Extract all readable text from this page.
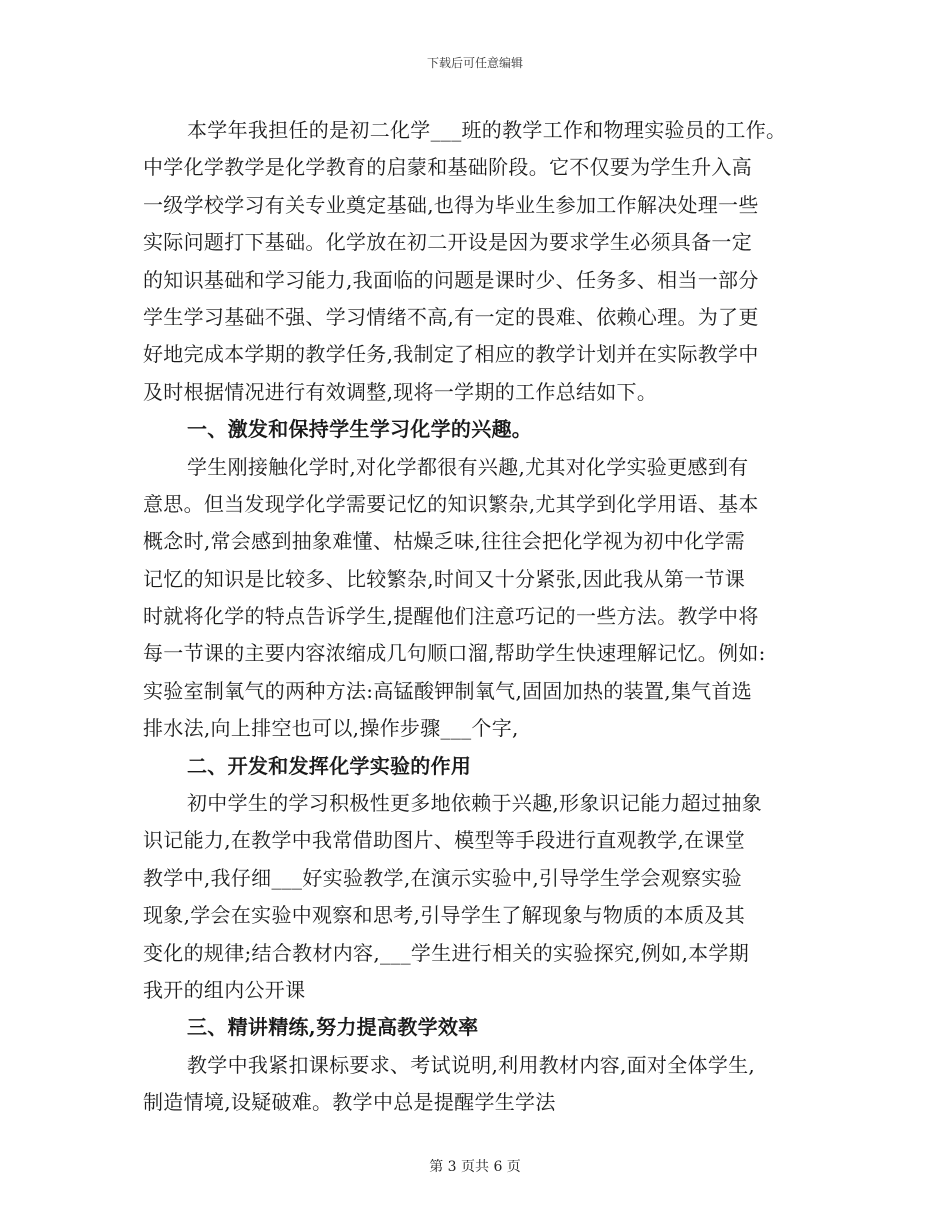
下载后可任意编辑
本学年我担任的是初二化学___班的教学工作和物理实验员的工作。
中学化学教学是化学教育的启蒙和基础阶段。它不仅要为学生升入高
一级学校学习有关专业奠定基础,也得为毕业生参加工作解决处理一些
实际问题打下基础。化学放在初二开设是因为要求学生必须具备一定
的知识基础和学习能力,我面临的问题是课时少、任务多、相当一部分
学生学习基础不强、学习情绪不高,有一定的畏难、依赖心理。为了更
好地完成本学期的教学任务,我制定了相应的教学计划并在实际教学中
及时根据情况进行有效调整,现将一学期的工作总结如下。
一、激发和保持学生学习化学的兴趣。
学生刚接触化学时,对化学都很有兴趣,尤其对化学实验更感到有
意思。但当发现学化学需要记忆的知识繁杂,尤其学到化学用语、基本
概念时,常会感到抽象难懂、枯燥乏味,往往会把化学视为初中化学需
记忆的知识是比较多、比较繁杂,时间又十分紧张,因此我从第一节课
时就将化学的特点告诉学生,提醒他们注意巧记的一些方法。教学中将
每一节课的主要内容浓缩成几句顺口溜,帮助学生快速理解记忆。例如:
实验室制氧气的两种方法:高锰酸钾制氧气,固固加热的装置,集气首选
排水法,向上排空也可以,操作步骤___个字,
二、开发和发挥化学实验的作用
初中学生的学习积极性更多地依赖于兴趣,形象识记能力超过抽象
识记能力,在教学中我常借助图片、模型等手段进行直观教学,在课堂
教学中,我仔细___好实验教学,在演示实验中,引导学生学会观察实验
现象,学会在实验中观察和思考,引导学生了解现象与物质的本质及其
变化的规律;结合教材内容,___学生进行相关的实验探究,例如,本学期
我开的组内公开课
三、精讲精练,努力提高教学效率
教学中我紧扣课标要求、考试说明,利用教材内容,面对全体学生,
制造情境,设疑破难。教学中总是提醒学生学法
第 3 页共 6 页
